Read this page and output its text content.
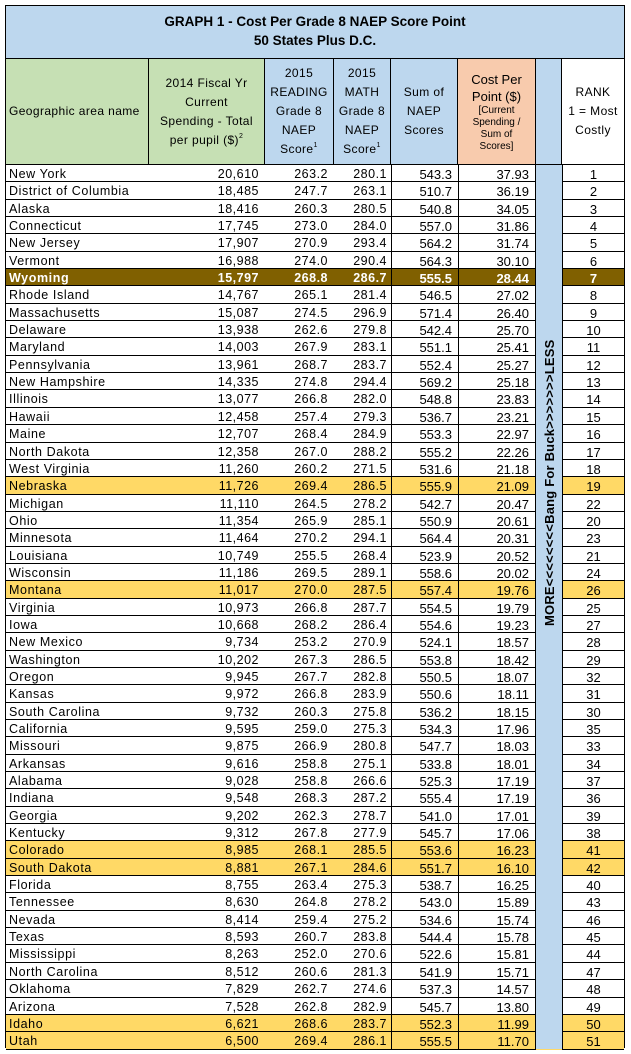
GRAPH 1 - Cost Per Grade 8 NAEP Score Point
50 States Plus D.C.
Geographic area name
2014 Fiscal Yr
Current
Spending - Total
per pupil ($)$^2$
2015
READING
Grade 8
NAEP
Score$^1$
2015
MATH
Grade 8
NAEP
Score$^1$
Sum of
NAEP
Scores
Cost Per
Point ($)
[Current
Spending /
Sum of
Scores]
RANK
1 = Most
Costly
New York	20,610	263.2	280.1	543.3	37.93	1
District of Columbia	18,485	247.7	263.1	510.7	36.19	2
Alaska	18,416	260.3	280.5	540.8	34.05	3
Connecticut	17,745	273.0	284.0	557.0	31.86	4
New Jersey	17,907	270.9	293.4	564.2	31.74	5
Vermont	16,988	274.0	290.4	564.3	30.10	6
Wyoming	15,797	268.8	286.7	555.5	28.44	7
Rhode Island	14,767	265.1	281.4	546.5	27.02	8
Massachusetts	15,087	274.5	296.9	571.4	26.40	9
Delaware	13,938	262.6	279.8	542.4	25.70	10
Maryland	14,003	267.9	283.1	551.1	25.41	11
Pennsylvania	13,961	268.7	283.7	552.4	25.27	12
New Hampshire	14,335	274.8	294.4	569.2	25.18	13
Illinois	13,077	266.8	282.0	548.8	23.83	14
Hawaii	12,458	257.4	279.3	536.7	23.21	15
Maine	12,707	268.4	284.9	553.3	22.97	16
North Dakota	12,358	267.0	288.2	555.2	22.26	17
West Virginia	11,260	260.2	271.5	531.6	21.18	18
Nebraska	11,726	269.4	286.5	555.9	21.09	19
Michigan	11,110	264.5	278.2	542.7	20.47	22
Ohio	11,354	265.9	285.1	550.9	20.61	20
Minnesota	11,464	270.2	294.1	564.4	20.31	23
Louisiana	10,749	255.5	268.4	523.9	20.52	21
Wisconsin	11,186	269.5	289.1	558.6	20.02	24
Montana	11,017	270.0	287.5	557.4	19.76	26
Virginia	10,973	266.8	287.7	554.5	19.79	25
Iowa	10,668	268.2	286.4	554.6	19.23	27
New Mexico	9,734	253.2	270.9	524.1	18.57	28
Washington	10,202	267.3	286.5	553.8	18.42	29
Oregon	9,945	267.7	282.8	550.5	18.07	32
Kansas	9,972	266.8	283.9	550.6	18.11	31
South Carolina	9,732	260.3	275.8	536.2	18.15	30
California	9,595	259.0	275.3	534.3	17.96	35
Missouri	9,875	266.9	280.8	547.7	18.03	33
Arkansas	9,616	258.8	275.1	533.8	18.01	34
Alabama	9,028	258.8	266.6	525.3	17.19	37
Indiana	9,548	268.3	287.2	555.4	17.19	36
Georgia	9,202	262.3	278.7	541.0	17.01	39
Kentucky	9,312	267.8	277.9	545.7	17.06	38
Colorado	8,985	268.1	285.5	553.6	16.23	41
South Dakota	8,881	267.1	284.6	551.7	16.10	42
Florida	8,755	263.4	275.3	538.7	16.25	40
Tennessee	8,630	264.8	278.2	543.0	15.89	43
Nevada	8,414	259.4	275.2	534.6	15.74	46
Texas	8,593	260.7	283.8	544.4	15.78	45
Mississippi	8,263	252.0	270.6	522.6	15.81	44
North Carolina	8,512	260.6	281.3	541.9	15.71	47
Oklahoma	7,829	262.7	274.6	537.3	14.57	48
Arizona	7,528	262.8	282.9	545.7	13.80	49
Idaho	6,621	268.6	283.7	552.3	11.99	50
Utah	6,500	269.4	286.1	555.5	11.70	51
MORE<<<<<<<<Bang For Buck>>>>>>>LESS
